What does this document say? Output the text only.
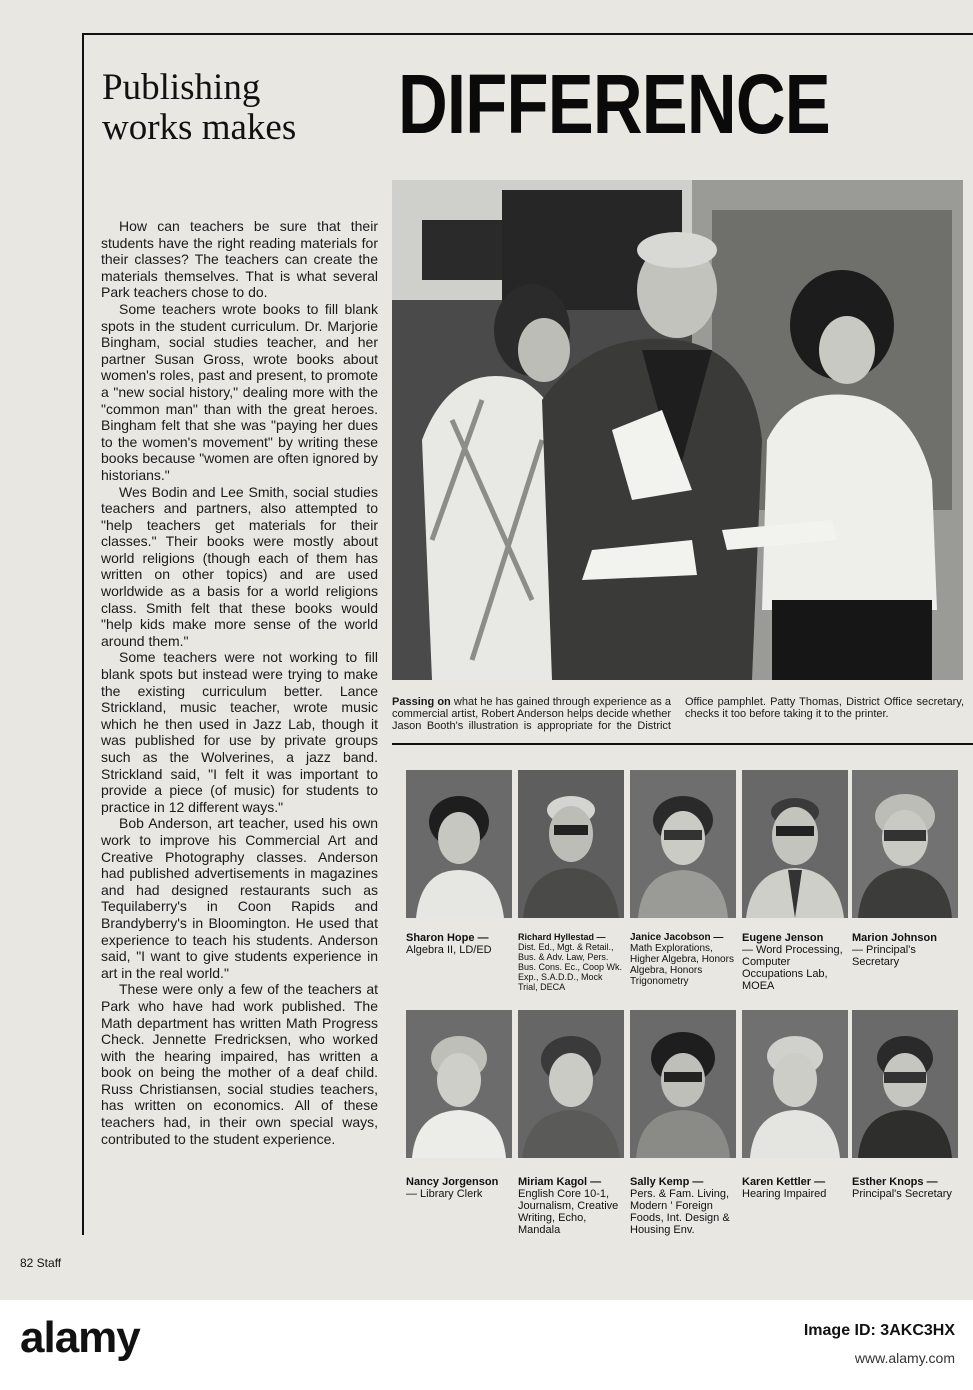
Publishing
works makes DIFFERENCE

How can teachers be sure that their students have the right reading materials for their classes? The teachers can create the materials themselves. That is what several Park teachers chose to do.

Some teachers wrote books to fill blank spots in the student curriculum. Dr. Marjorie Bingham, social studies teacher, and her partner Susan Gross, wrote books about women's roles, past and present, to promote a "new social history," dealing more with the "common man" than with the great heroes. Bingham felt that she was "paying her dues to the women's movement" by writing these books because "women are often ignored by historians."

Wes Bodin and Lee Smith, social studies teachers and partners, also attempted to "help teachers get materials for their classes." Their books were mostly about world religions (though each of them has written on other topics) and are used worldwide as a basis for a world religions class. Smith felt that these books would "help kids make more sense of the world around them."

Some teachers were not working to fill blank spots but instead were trying to make the existing curriculum better. Lance Strickland, music teacher, wrote music which he then used in Jazz Lab, though it was published for use by private groups such as the Wolverines, a jazz band. Strickland said, "I felt it was important to provide a piece (of music) for students to practice in 12 different ways."

Bob Anderson, art teacher, used his own work to improve his Commercial Art and Creative Photography classes. Anderson had published advertisements in magazines and had designed restaurants such as Tequilaberry's in Coon Rapids and Brandyberry's in Bloomington. He used that experience to teach his students. Anderson said, "I want to give students experience in art in the real world."

These were only a few of the teachers at Park who have had work published. The Math department has written Math Progress Check. Jennette Fredricksen, who worked with the hearing impaired, has written a book on being the mother of a deaf child. Russ Christiansen, social studies teachers, has written on economics. All of these teachers had, in their own special ways, contributed to the student experience.

Passing on what he has gained through experience as a commercial artist, Robert Anderson helps decide whether Jason Booth's illustration is appropriate for the District Office pamphlet. Patty Thomas, District Office secretary, checks it too before taking it to the printer.
Sharon Hope —
Algebra II, LD/ED
Richard Hyllestad —
Dist. Ed., Mgt. & Retail., Bus. & Adv. Law, Pers. Bus. Cons. Ec., Coop Wk. Exp., S.A.D.D., Mock Trial, DECA
Janice Jacobson —
Math Explorations, Higher Algebra, Honors Algebra, Honors Trigonometry
Eugene Jenson
— Word Processing, Computer Occupations Lab, MOEA
Marion Johnson
— Principal's Secretary
Nancy Jorgenson
— Library Clerk
Miriam Kagol —
English Core 10-1, Journalism, Creative Writing, Echo, Mandala
Sally Kemp —
Pers. & Fam. Living, Modern ' Foreign Foods, Int. Design & Housing Env.
Karen Kettler —
Hearing Impaired
Esther Knops —
Principal's Secretary
82 Staff
alamy	Image ID: 3AKC3HX
www.alamy.com
